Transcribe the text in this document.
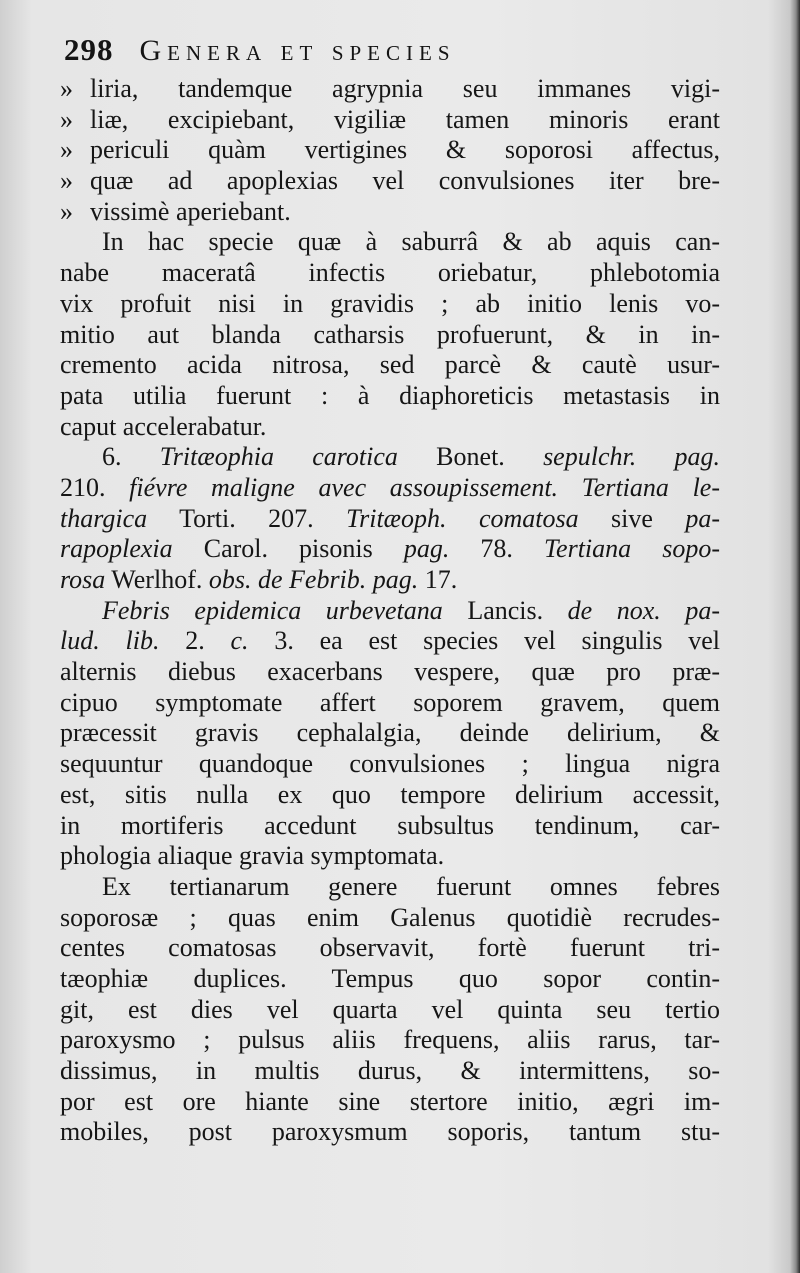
298 Genera et species
» liria, tandemque agrypnia seu immanes vigi-
» liæ, excipiebant, vigiliæ tamen minoris erant
» periculi quàm vertigines & soporosi affectus,
» quæ ad apoplexias vel convulsiones iter bre-
» vissimè aperiebant.
In hac specie quæ à saburrâ & ab aquis can-
nabe maceratâ infectis oriebatur, phlebotomia
vix profuit nisi in gravidis ; ab initio lenis vo-
mitio aut blanda catharsis profuerunt, & in in-
cremento acida nitrosa, sed parcè & cautè usur-
pata utilia fuerunt : à diaphoreticis metastasis in
caput accelerabatur.
6. Tritæophia carotica Bonet. sepulchr. pag.
210. fiévre maligne avec assoupissement. Tertiana le-
thargica Torti. 207. Tritæoph. comatosa sive pa-
rapoplexia Carol. pisonis pag. 78. Tertiana sopo-
rosa Werlhof. obs. de Febrib. pag. 17.
Febris epidemica urbevetana Lancis. de nox. pa-
lud. lib. 2. c. 3. ea est species vel singulis vel
alternis diebus exacerbans vespere, quæ pro præ-
cipuo symptomate affert soporem gravem, quem
præcessit gravis cephalalgia, deinde delirium, &
sequuntur quandoque convulsiones ; lingua nigra
est, sitis nulla ex quo tempore delirium accessit,
in mortiferis accedunt subsultus tendinum, car-
phologia aliaque gravia symptomata.
Ex tertianarum genere fuerunt omnes febres
soporosæ ; quas enim Galenus quotidiè recrudes-
centes comatosas observavit, fortè fuerunt tri-
tæophiæ duplices. Tempus quo sopor contin-
git, est dies vel quarta vel quinta seu tertio
paroxysmo ; pulsus aliis frequens, aliis rarus, tar-
dissimus, in multis durus, & intermittens, so-
por est ore hiante sine stertore initio, ægri im-
mobiles, post paroxysmum soporis, tantum stu-
